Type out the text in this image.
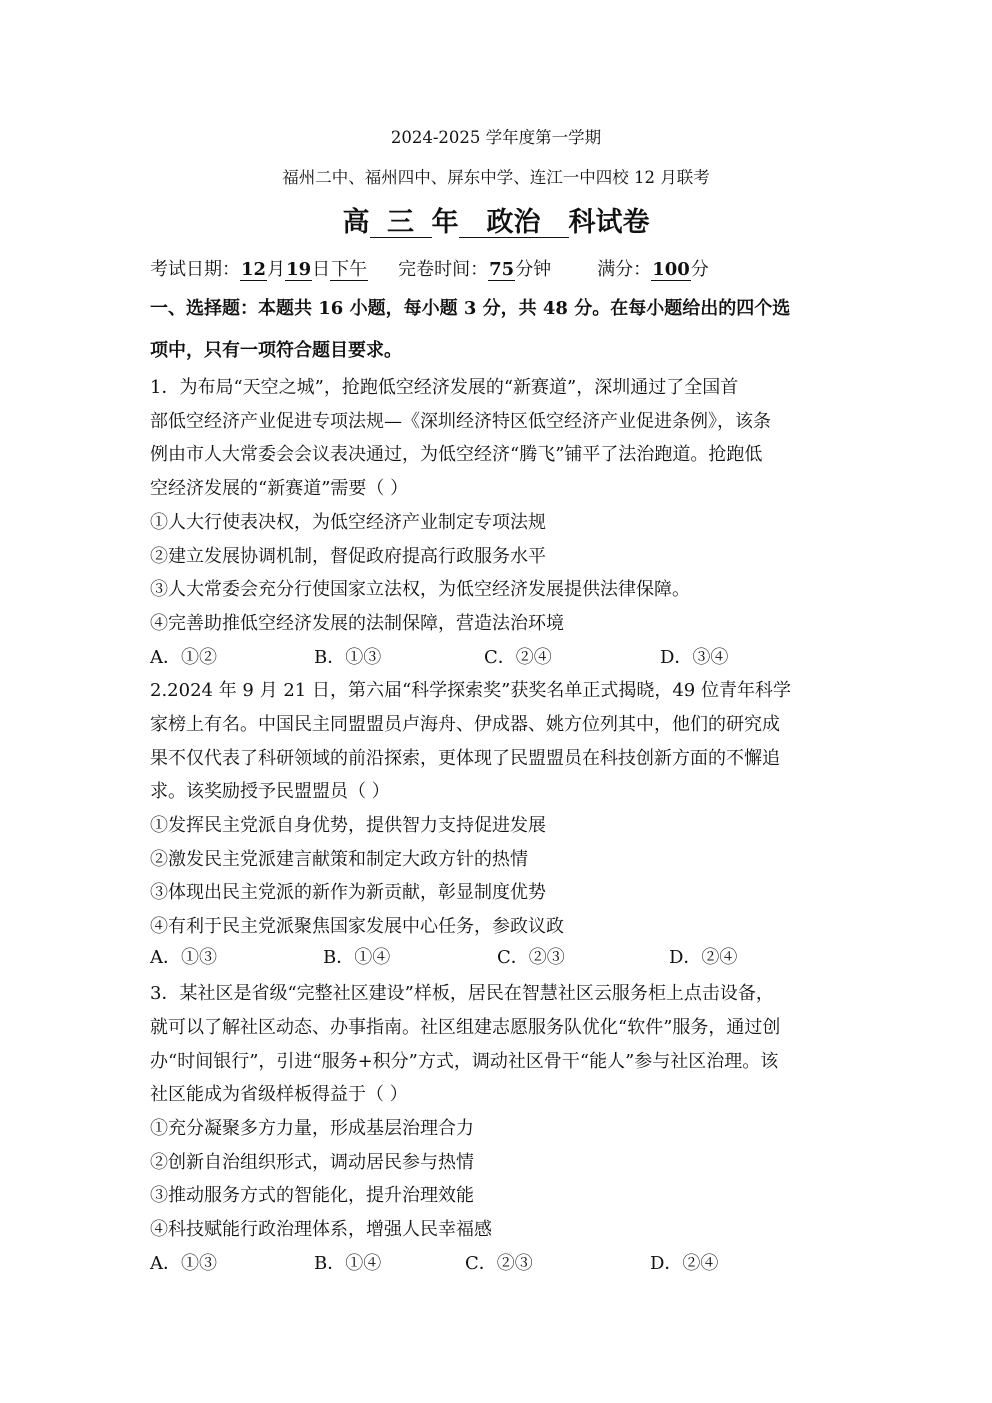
2024-2025 学年度第一学期
福州二中、福州四中、屏东中学、连江一中四校 12 月联考
高 三 年 政治 科试卷
考试日期：12月19日下午 完卷时间：75分钟	满分：100分
一、选择题：本题共 16 小题，每小题 3 分，共 48 分。在每小题给出的四个选
项中，只有一项符合题目要求。
1．为布局“天空之城”，抢跑低空经济发展的“新赛道”，深圳通过了全国首
部低空经济产业促进专项法规—《深圳经济特区低空经济产业促进条例》，该条
例由市人大常委会会议表决通过，为低空经济“腾飞”铺平了法治跑道。抢跑低
空经济发展的“新赛道”需要（ ）
①人大行使表决权，为低空经济产业制定专项法规
②建立发展协调机制，督促政府提高行政服务水平
③人大常委会充分行使国家立法权，为低空经济发展提供法律保障。
④完善助推低空经济发展的法制保障，营造法治环境
A．①②	B．①③	C．②④	D．③④
2.2024 年 9 月 21 日，第六届“科学探索奖”获奖名单正式揭晓，49 位青年科学
家榜上有名。中国民主同盟盟员卢海舟、伊成器、姚方位列其中，他们的研究成
果不仅代表了科研领域的前沿探索，更体现了民盟盟员在科技创新方面的不懈追
求。该奖励授予民盟盟员（ ）
①发挥民主党派自身优势，提供智力支持促进发展
②激发民主党派建言献策和制定大政方针的热情
③体现出民主党派的新作为新贡献，彰显制度优势
④有利于民主党派聚焦国家发展中心任务，参政议政
A．①③	B．①④	C．②③	D．②④
3．某社区是省级“完整社区建设”样板，居民在智慧社区云服务柜上点击设备，
就可以了解社区动态、办事指南。社区组建志愿服务队优化“软件”服务，通过创
办“时间银行”，引进“服务+积分”方式，调动社区骨干“能人”参与社区治理。该
社区能成为省级样板得益于（ ）
①充分凝聚多方力量，形成基层治理合力
②创新自治组织形式，调动居民参与热情
③推动服务方式的智能化，提升治理效能
④科技赋能行政治理体系，增强人民幸福感
A．①③	B．①④	C．②③	D．②④
